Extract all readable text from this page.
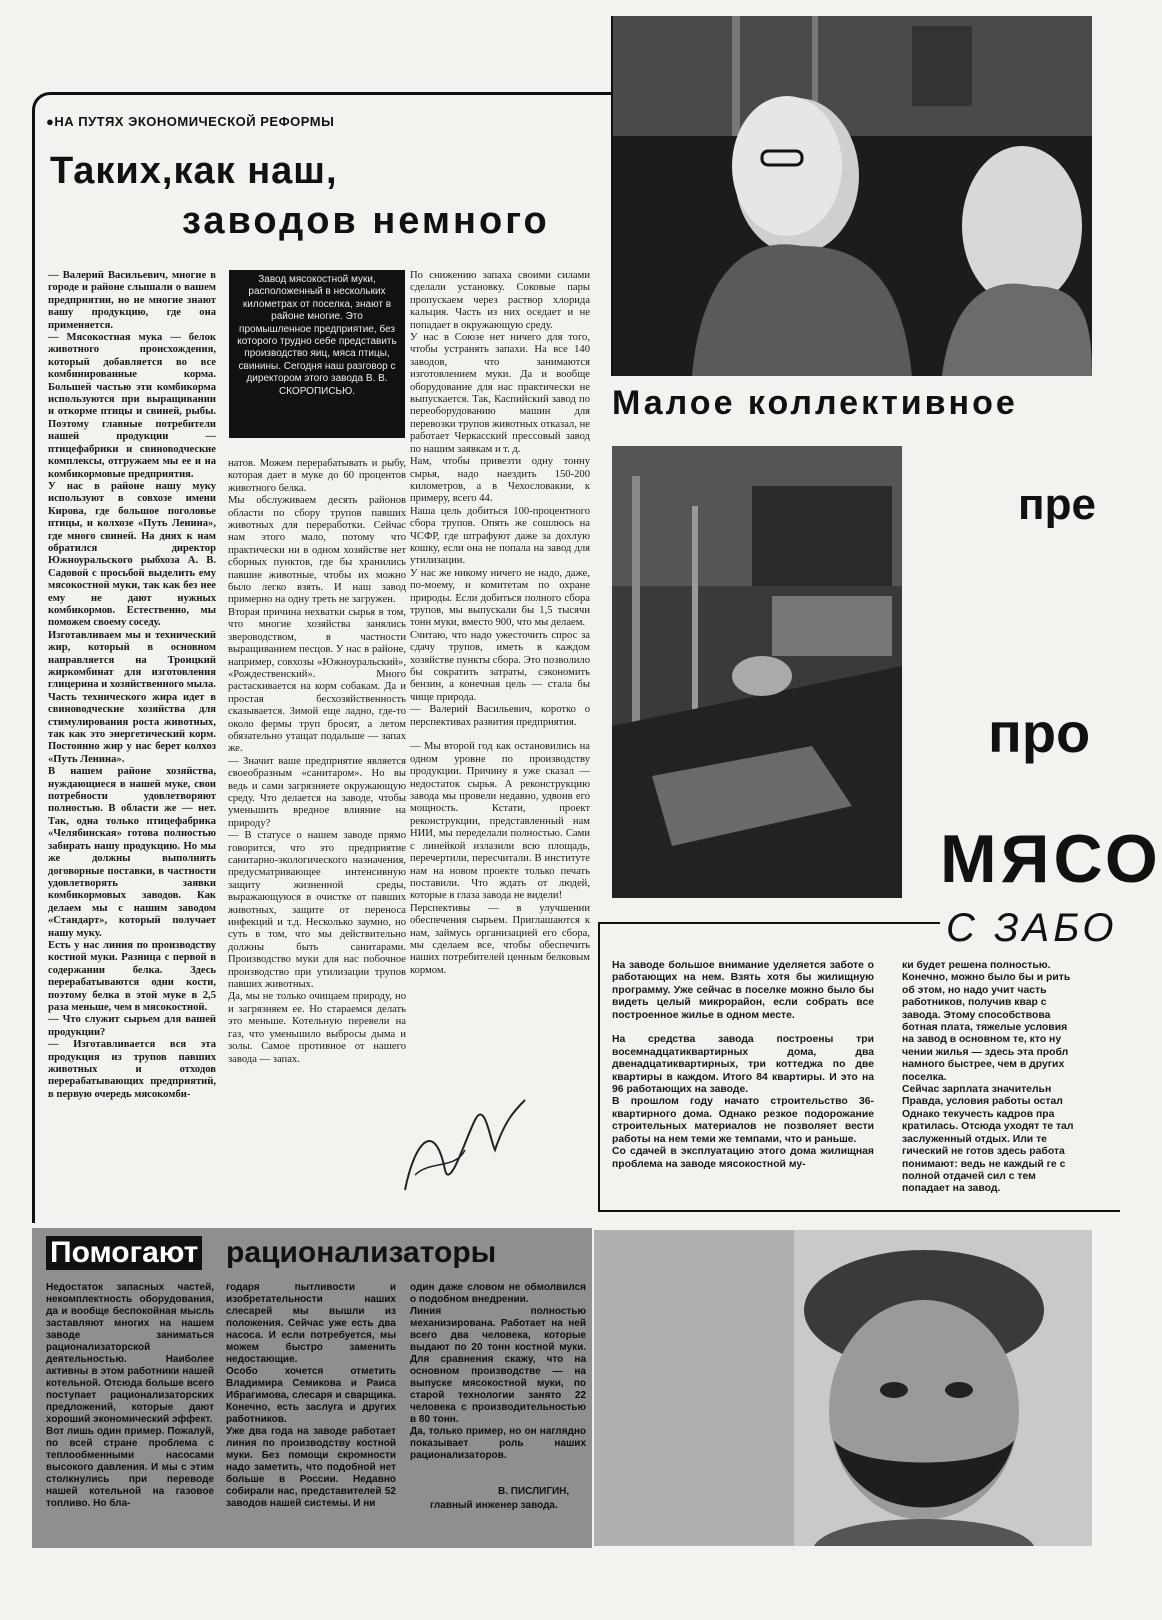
●НА ПУТЯХ ЭКОНОМИЧЕСКОЙ РЕФОРМЫ
Таких,как наш,
заводов немного
Завод мясокостной муки, расположенный в нескольких километрах от поселка, знают в районе многие. Это промышленное предприятие, без которого трудно себе представить производство яиц, мяса птицы, свинины. Сегодня наш разговор с директором этого завода В. В. СКОРОПИСЬЮ.
— Валерий Васильевич, многие в городе и районе слышали о вашем предприятии, но не многие знают вашу продукцию, где она применяется.
— Мясокостная мука — белок животного происхождения, который добавляется во все комбинированные корма. Большей частью эти комбикорма используются при выращивании и откорме птицы и свиней, рыбы. Поэтому главные потребители нашей продукции — птицефабрики и свиноводческие комплексы, отгружаем мы ее и на комбикормовые предприятия.
У нас в районе нашу муку используют в совхозе имени Кирова, где большое поголовье птицы, и колхозе «Путь Ленина», где много свиней. На днях к нам обратился директор Южноуральского рыбхоза А. В. Садовой с просьбой выделить ему мясокостной муки, так как без нее ему не дают нужных комбикормов. Естественно, мы поможем своему соседу.
Изготавливаем мы и технический жир, который в основном направляется на Троицкий жиркомбинат для изготовления глицерина и хозяйственного мыла.
Часть технического жира идет в свиноводческие хозяйства для стимулирования роста животных, так как это энергетический корм. Постоянно жир у нас берет колхоз «Путь Ленина».
В нашем районе хозяйства, нуждающиеся в нашей муке, свои потребности удовлетворяют полностью. В области же — нет. Так, одна только птицефабрика «Челябинская» готова полностью забирать нашу продукцию. Но мы же должны выполнять договорные поставки, в частности удовлетворять заявки комбикормовых заводов. Как делаем мы с нашим заводом «Стандарт», который получает нашу муку.
Есть у нас линия по производству костной муки. Разница с первой в содержании белка. Здесь перерабатываются одни кости, поэтому белка в этой муке в 2,5 раза меньше, чем в мясокостной.
— Что служит сырьем для вашей продукции?
— Изготавливается вся эта продукция из трупов павших животных и отходов перерабатывающих предприятий, в первую очередь мясокомби-
натов. Можем перерабатывать и рыбу, которая дает в муке до 60 процентов животного белка.
Мы обслуживаем десять районов области по сбору трупов павших животных для переработки. Сейчас нам этого мало, потому что практически ни в одном хозяйстве нет сборных пунктов, где бы хранились павшие животные, чтобы их можно было легко взять. И наш завод примерно на одну треть не загружен.
Вторая причина нехватки сырья в том, что многие хозяйства занялись звероводством, в частности выращиванием песцов. У нас в районе, например, совхозы «Южноуральский», «Рождественский». Много растаскивается на корм собакам. Да и простая бесхозяйственность сказывается. Зимой еще ладно, где-то около фермы труп бросят, а летом обязательно утащат подальше — запах же.
— Значит ваше предприятие является своеобразным «санитаром». Но вы ведь и сами загрязняете окружающую среду. Что делается на заводе, чтобы уменьшить вредное влияние на природу?
— В статусе о нашем заводе прямо говорится, что это предприятие санитарно-экологического назначения, предусматривающее интенсивную защиту жизненной среды, выражающуюся в очистке от павших животных, защите от переноса инфекций и т.д. Несколько заумно, но суть в том, что мы действительно должны быть санитарами. Производство муки для нас побочное производство при утилизации трупов павших животных.
Да, мы не только очищаем природу, но и загрязняем ее. Но стараемся делать это меньше. Котельную перевели на газ, что уменьшило выбросы дыма и золы. Самое противное от нашего завода — запах.
По снижению запаха своими силами сделали установку. Соковые пары пропускаем через раствор хлорида кальция. Часть из них оседает и не попадает в окружающую среду.
У нас в Союзе нет ничего для того, чтобы устранять запахи. На все 140 заводов, что занимаются изготовлением муки. Да и вообще оборудование для нас практически не выпускается. Так, Каспийский завод по переоборудованию машин для перевозки трупов животных отказал, не работает Черкасский прессовый завод по нашим заявкам и т. д.
Нам, чтобы привезти одну тонну сырья, надо наездить 150-200 километров, а в Чехословакии, к примеру, всего 44.
Наша цель добиться 100-процентного сбора трупов. Опять же сошлюсь на ЧСФР, где штрафуют даже за дохлую кошку, если она не попала на завод для утилизации.
У нас же никому ничего не надо, даже, по-моему, и комитетам по охране природы. Если добиться полного сбора трупов, мы выпускали бы 1,5 тысячи тонн муки, вместо 900, что мы делаем.
Считаю, что надо ужесточить спрос за сдачу трупов, иметь в каждом хозяйстве пункты сбора. Это позволило бы сократить затраты, сэкономить бензин, а конечная цель — стала бы чище природа.
— Валерий Васильевич, коротко о перспективах развития предприятия.

— Мы второй год как остановились на одном уровне по производству продукции. Причину я уже сказал — недостаток сырья. А реконструкцию завода мы провели недавно, удвоив его мощность. Кстати, проект реконструкции, представленный нам НИИ, мы переделали полностью. Сами с линейкой излазили всю площадь, перечертили, пересчитали. В институте нам на новом проекте только печать поставили. Что ждать от людей, которые в глаза завода не видели!
Перспективы — в улучшении обеспечения сырьем. Приглашаются к нам, займусь организацией его сбора, мы сделаем все, чтобы обеспечить наших потребителей ценным белковым кормом.
Малое коллективное
пре
про
МЯСО
С ЗАБО
На заводе большое внимание уделяется заботе о работающих на нем. Взять хотя бы жилищную программу. Уже сейчас в поселке можно было бы видеть целый микрорайон, если собрать все построенное жилье в одном месте.

На средства завода построены три восемнадцатиквартирных дома, два двенадцатиквартирных, три коттеджа по две квартиры в каждом. Итого 84 квартиры. И это на 96 работающих на заводе.
В прошлом году начато строительство 36-квартирного дома. Однако резкое подорожание строительных материалов не позволяет вести работы на нем теми же темпами, что и раньше.
Со сдачей в эксплуатацию этого дома жилищная проблема на заводе мясокостной му-
ки будет решена полностью.
Конечно, можно было бы и рить об этом, но надо учит часть работников, получив квар с завода. Этому способствова ботная плата, тяжелые условия на завод в основном те, кто ну чении жилья — здесь эта пробл намного быстрее, чем в других поселка.
Сейчас зарплата значительн Правда, условия работы остал Однако текучесть кадров пра кратилась. Отсюда уходят те тал заслуженный отдых. Или те гический не готов здесь работа понимают: ведь не каждый ге с полной отдачей сил с тем попадает на завод.
Помогают рационализаторы
Недостаток запасных частей, некомплектность оборудования, да и вообще беспокойная мысль заставляют многих на нашем заводе заниматься рационализаторской деятельностью. Наиболее активны в этом работники нашей котельной. Отсюда больше всего поступает рационализаторских предложений, которые дают хороший экономический эффект.
Вот лишь один пример. Пожалуй, по всей стране проблема с теплообменными насосами высокого давления. И мы с этим столкнулись при переводе нашей котельной на газовое топливо. Но бла-
годаря пытливости и изобретательности наших слесарей мы вышли из положения. Сейчас уже есть два насоса. И если потребуется, мы можем быстро заменить недостающие.
Особо хочется отметить Владимира Семикова и Раиса Ибрагимова, слесаря и сварщика. Конечно, есть заслуга и других работников.
Уже два года на заводе работает линия по производству костной муки. Без помощи скромности надо заметить, что подобной нет больше в России. Недавно собирали нас, представителей 52 заводов нашей системы. И ни
один даже словом не обмолвился о подобном внедрении.
Линия полностью механизирована. Работает на ней всего два человека, которые выдают по 20 тонн костной муки. Для сравнения скажу, что на основном производстве — на выпуске мясокостной муки, по старой технологии занято 22 человека с производительностью в 80 тонн.
Да, только пример, но он наглядно показывает роль наших рационализаторов.
В. ПИСЛИГИН,
главный инженер завода.
